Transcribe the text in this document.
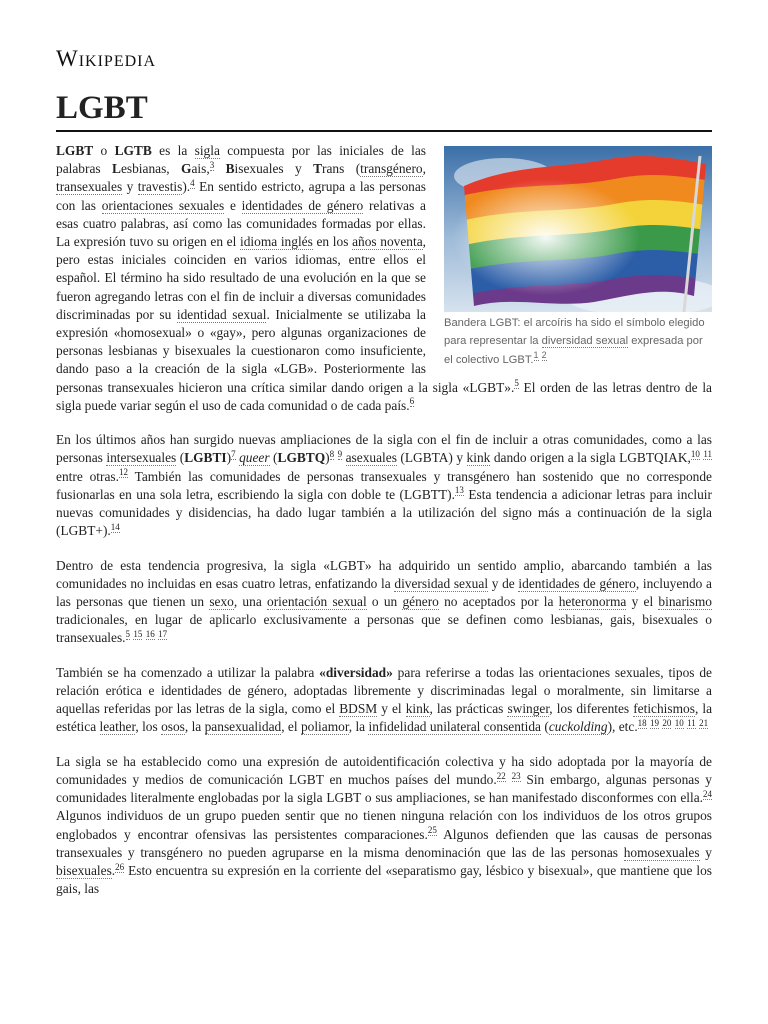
Wikipedia
LGBT
Bandera LGBT: el arcoíris ha sido el símbolo elegido para representar la diversidad sexual expresada por el colectivo LGBT.$^1$ $^2$

LGBT o LGTB es la sigla compuesta por las iniciales de las palabras Lesbianas, Gais,$^3$ Bisexuales y Trans (transgénero, transexuales y travestis).$^4$ En sentido estricto, agrupa a las personas con las orientaciones sexuales e identidades de género relativas a esas cuatro palabras, así como las comunidades formadas por ellas. La expresión tuvo su origen en el idioma inglés en los años noventa, pero estas iniciales coinciden en varios idiomas, entre ellos el español. El término ha sido resultado de una evolución en la que se fueron agregando letras con el fin de incluir a diversas comunidades discriminadas por su identidad sexual. Inicialmente se utilizaba la expresión «homosexual» o «gay», pero algunas organizaciones de personas lesbianas y bisexuales la cuestionaron como insuficiente, dando paso a la creación de la sigla «LGB». Posteriormente las personas transexuales hicieron una crítica similar dando origen a la sigla «LGBT».$^5$ El orden de las letras dentro de la sigla puede variar según el uso de cada comunidad o de cada país.$^6$

En los últimos años han surgido nuevas ampliaciones de la sigla con el fin de incluir a otras comunidades, como a las personas intersexuales (LGBTI)$^7$ queer (LGBTQ)$^8$ $^9$ asexuales (LGBTA) y kink dando origen a la sigla LGBTQIAK,$^{10}$ $^{11}$ entre otras.$^{12}$ También las comunidades de personas transexuales y transgénero han sostenido que no corresponde fusionarlas en una sola letra, escribiendo la sigla con doble te (LGBTT).$^{13}$ Esta tendencia a adicionar letras para incluir nuevas comunidades y disidencias, ha dado lugar también a la utilización del signo más a continuación de la sigla (LGBT+).$^{14}$

Dentro de esta tendencia progresiva, la sigla «LGBT» ha adquirido un sentido amplio, abarcando también a las comunidades no incluidas en esas cuatro letras, enfatizando la diversidad sexual y de identidades de género, incluyendo a las personas que tienen un sexo, una orientación sexual o un género no aceptados por la heteronorma y el binarismo tradicionales, en lugar de aplicarlo exclusivamente a personas que se definen como lesbianas, gais, bisexuales o transexuales.$^5$ $^{15}$ $^{16}$ $^{17}$

También se ha comenzado a utilizar la palabra «diversidad» para referirse a todas las orientaciones sexuales, tipos de relación erótica e identidades de género, adoptadas libremente y discriminadas legal o moralmente, sin limitarse a aquellas referidas por las letras de la sigla, como el BDSM y el kink, las prácticas swinger, los diferentes fetichismos, la estética leather, los osos, la pansexualidad, el poliamor, la infidelidad unilateral consentida (cuckolding), etc.$^{18}$ $^{19}$ $^{20}$ $^{10}$ $^{11}$ $^{21}$

La sigla se ha establecido como una expresión de autoidentificación colectiva y ha sido adoptada por la mayoría de comunidades y medios de comunicación LGBT en muchos países del mundo.$^{22}$ $^{23}$ Sin embargo, algunas personas y comunidades literalmente englobadas por la sigla LGBT o sus ampliaciones, se han manifestado disconformes con ella.$^{24}$ Algunos individuos de un grupo pueden sentir que no tienen ninguna relación con los individuos de los otros grupos englobados y encontrar ofensivas las persistentes comparaciones.$^{25}$ Algunos defienden que las causas de personas transexuales y transgénero no pueden agruparse en la misma denominación que las de las personas homosexuales y bisexuales.$^{26}$ Esto encuentra su expresión en la corriente del «separatismo gay, lésbico y bisexual», que mantiene que los gais, las
